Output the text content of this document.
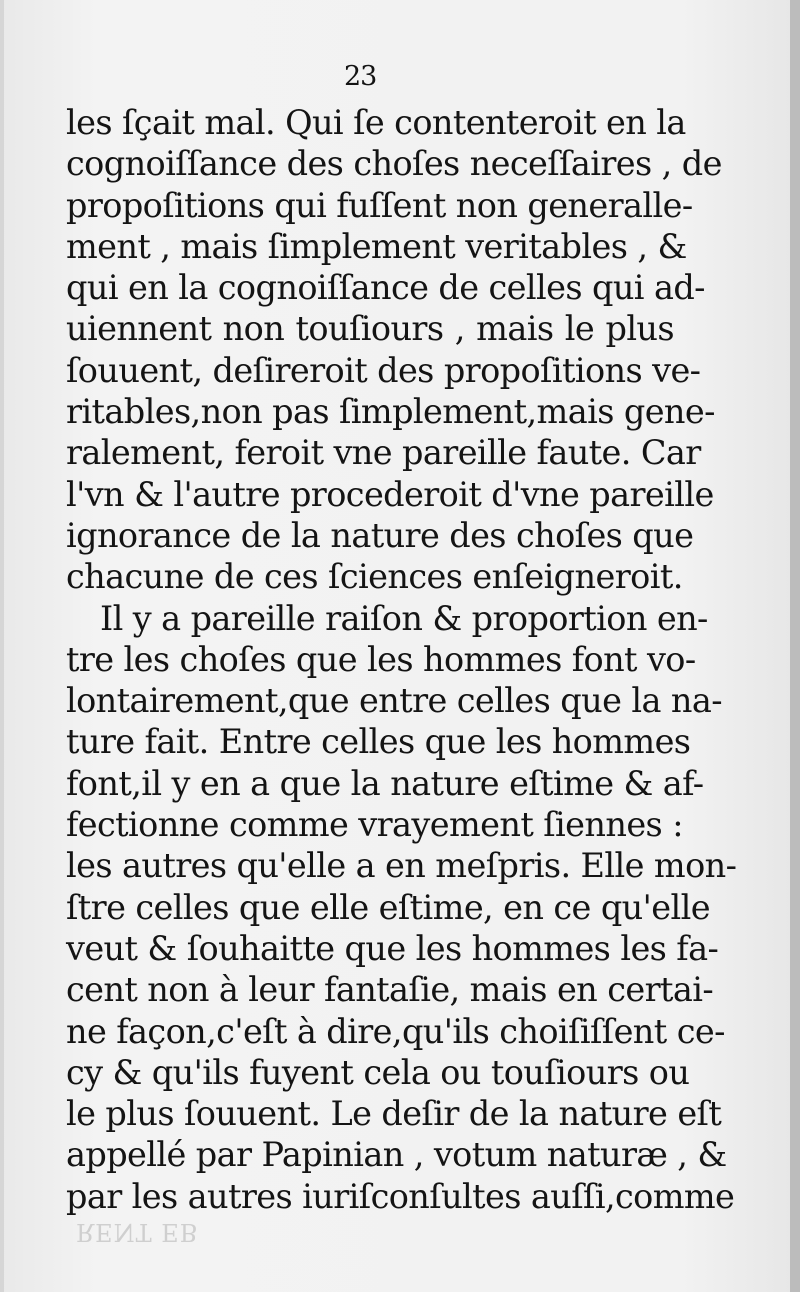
23
les ſçait mal. Qui ſe contenteroit en la
cognoiſſance des choſes neceſſaires , de
propoſitions qui fuſſent non generalle-
ment , mais ſimplement veritables , &
qui en la cognoiſſance de celles qui ad-
uiennent non touſiours , mais le plus
ſouuent, deſireroit des propoſitions ve-
ritables,non pas ſimplement,mais gene-
ralement, feroit vne pareille faute. Car
l'vn & l'autre procederoit d'vne pareille
ignorance de la nature des choſes que
chacune de ces ſciences enſeigneroit.
Il y a pareille raiſon & proportion en-
tre les choſes que les hommes font vo-
lontairement,que entre celles que la na-
ture fait. Entre celles que les hommes
font,il y en a que la nature eſtime & af-
fectionne comme vrayement ſiennes :
les autres qu'elle a en meſpris. Elle mon-
ſtre celles que elle eſtime, en ce qu'elle
veut & ſouhaitte que les hommes les fa-
cent non à leur fantaſie, mais en certai-
ne façon,c'eſt à dire,qu'ils choiſiſſent ce-
cy & qu'ils fuyent cela ou touſiours ou
le plus ſouuent. Le deſir de la nature eſt
appellé par Papinian , votum naturæ , &
par les autres iuriſconſultes auſſi,comme
RENT EB
